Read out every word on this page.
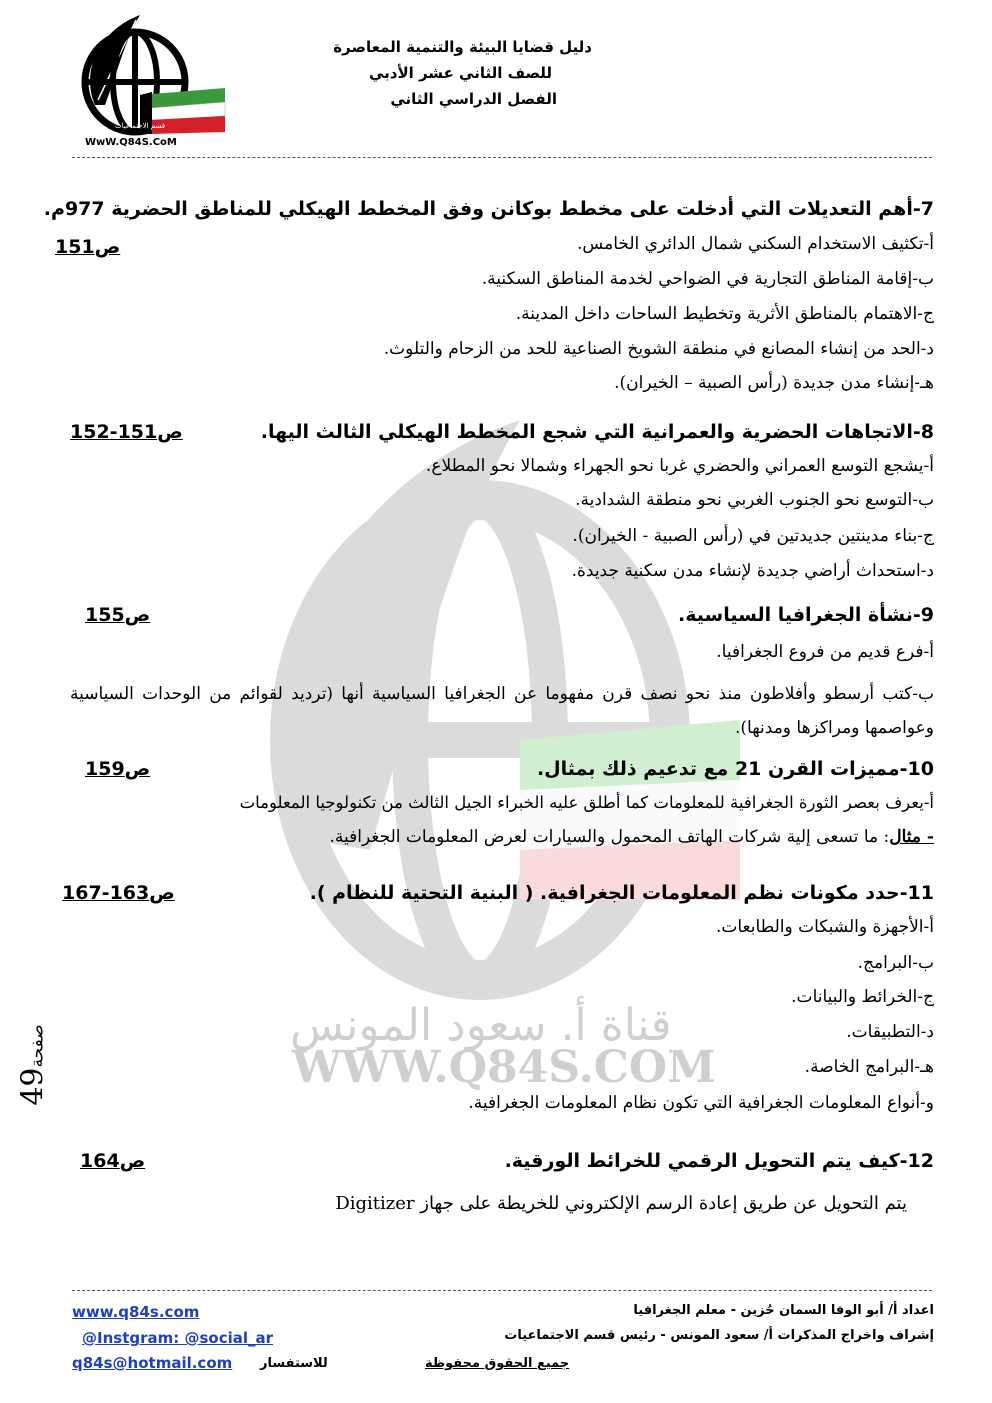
قسم الاجتماعيات
WwW.Q84S.CoM
دليل قضايا البيئة والتنمية المعاصرة
للصف الثاني عشر الأدبي
الفصل الدراسي الثاني
قناة أ. سعود المونس
WWW.Q84S.COM
7-أهم التعديلات التي أدخلت على مخطط بوكانن وفق المخطط الهيكلي للمناطق الحضرية 977م.
ص151	أ-تكثيف الاستخدام السكني شمال الدائري الخامس.
ب-إقامة المناطق التجارية في الضواحي لخدمة المناطق السكنية.
ج-الاهتمام بالمناطق الأثرية وتخطيط الساحات داخل المدينة.
د-الحد من إنشاء المصانع في منطقة الشويخ الصناعية للحد من الزحام والتلوث.
هـ-إنشاء مدن جديدة (رأس الصبية – الخيران).
8-الاتجاهات الحضرية والعمرانية التي شجع المخطط الهيكلي الثالث اليها.
ص151-152
أ-يشجع التوسع العمراني والحضري غربا نحو الجهراء وشمالا نحو المطلاع.
ب-التوسع نحو الجنوب الغربي نحو منطقة الشدادية.
ج-بناء مدينتين جديدتين في (رأس الصبية - الخيران).
د-استحداث أراضي جديدة لإنشاء مدن سكنية جديدة.
9-نشأة الجغرافيا السياسية.
ص155
أ-فرع قديم من فروع الجغرافيا.
ب-كتب أرسطو وأفلاطون منذ نحو نصف قرن مفهوما عن الجغرافيا السياسية أنها (ترديد لقوائم من الوحدات السياسية وعواصمها ومراكزها ومدنها).
10-مميزات القرن 21 مع تدعيم ذلك بمثال.
ص159
أ-يعرف بعصر الثورة الجغرافية للمعلومات كما أطلق عليه الخبراء الجيل الثالث من تكنولوجيا المعلومات
- مثال: ما تسعى إلية شركات الهاتف المحمول والسيارات لعرض المعلومات الجغرافية.
11-حدد مكونات نظم المعلومات الجغرافية. ( البنية التحتية للنظام ).
ص163-167
أ-الأجهزة والشبكات والطابعات.
ب-البرامج.
ج-الخرائط والبيانات.
د-التطبيقات.
هـ-البرامج الخاصة.
و-أنواع المعلومات الجغرافية التي تكون نظام المعلومات الجغرافية.
12-كيف يتم التحويل الرقمي للخرائط الورقية.
ص164
يتم التحويل عن طريق إعادة الرسم الإلكتروني للخريطة على جهاز Digitizer
صفحة49
اعداد أ/ أبو الوفا السمان حُزين - معلم الجغرافيا
إشراف واخراج المذكرات أ/ سعود المونس - رئيس قسم الاجتماعيات
جميع الحقوق محفوظة
www.q84s.com
@Instgram: @social_ar
q84s@hotmail.com للاستفسار
